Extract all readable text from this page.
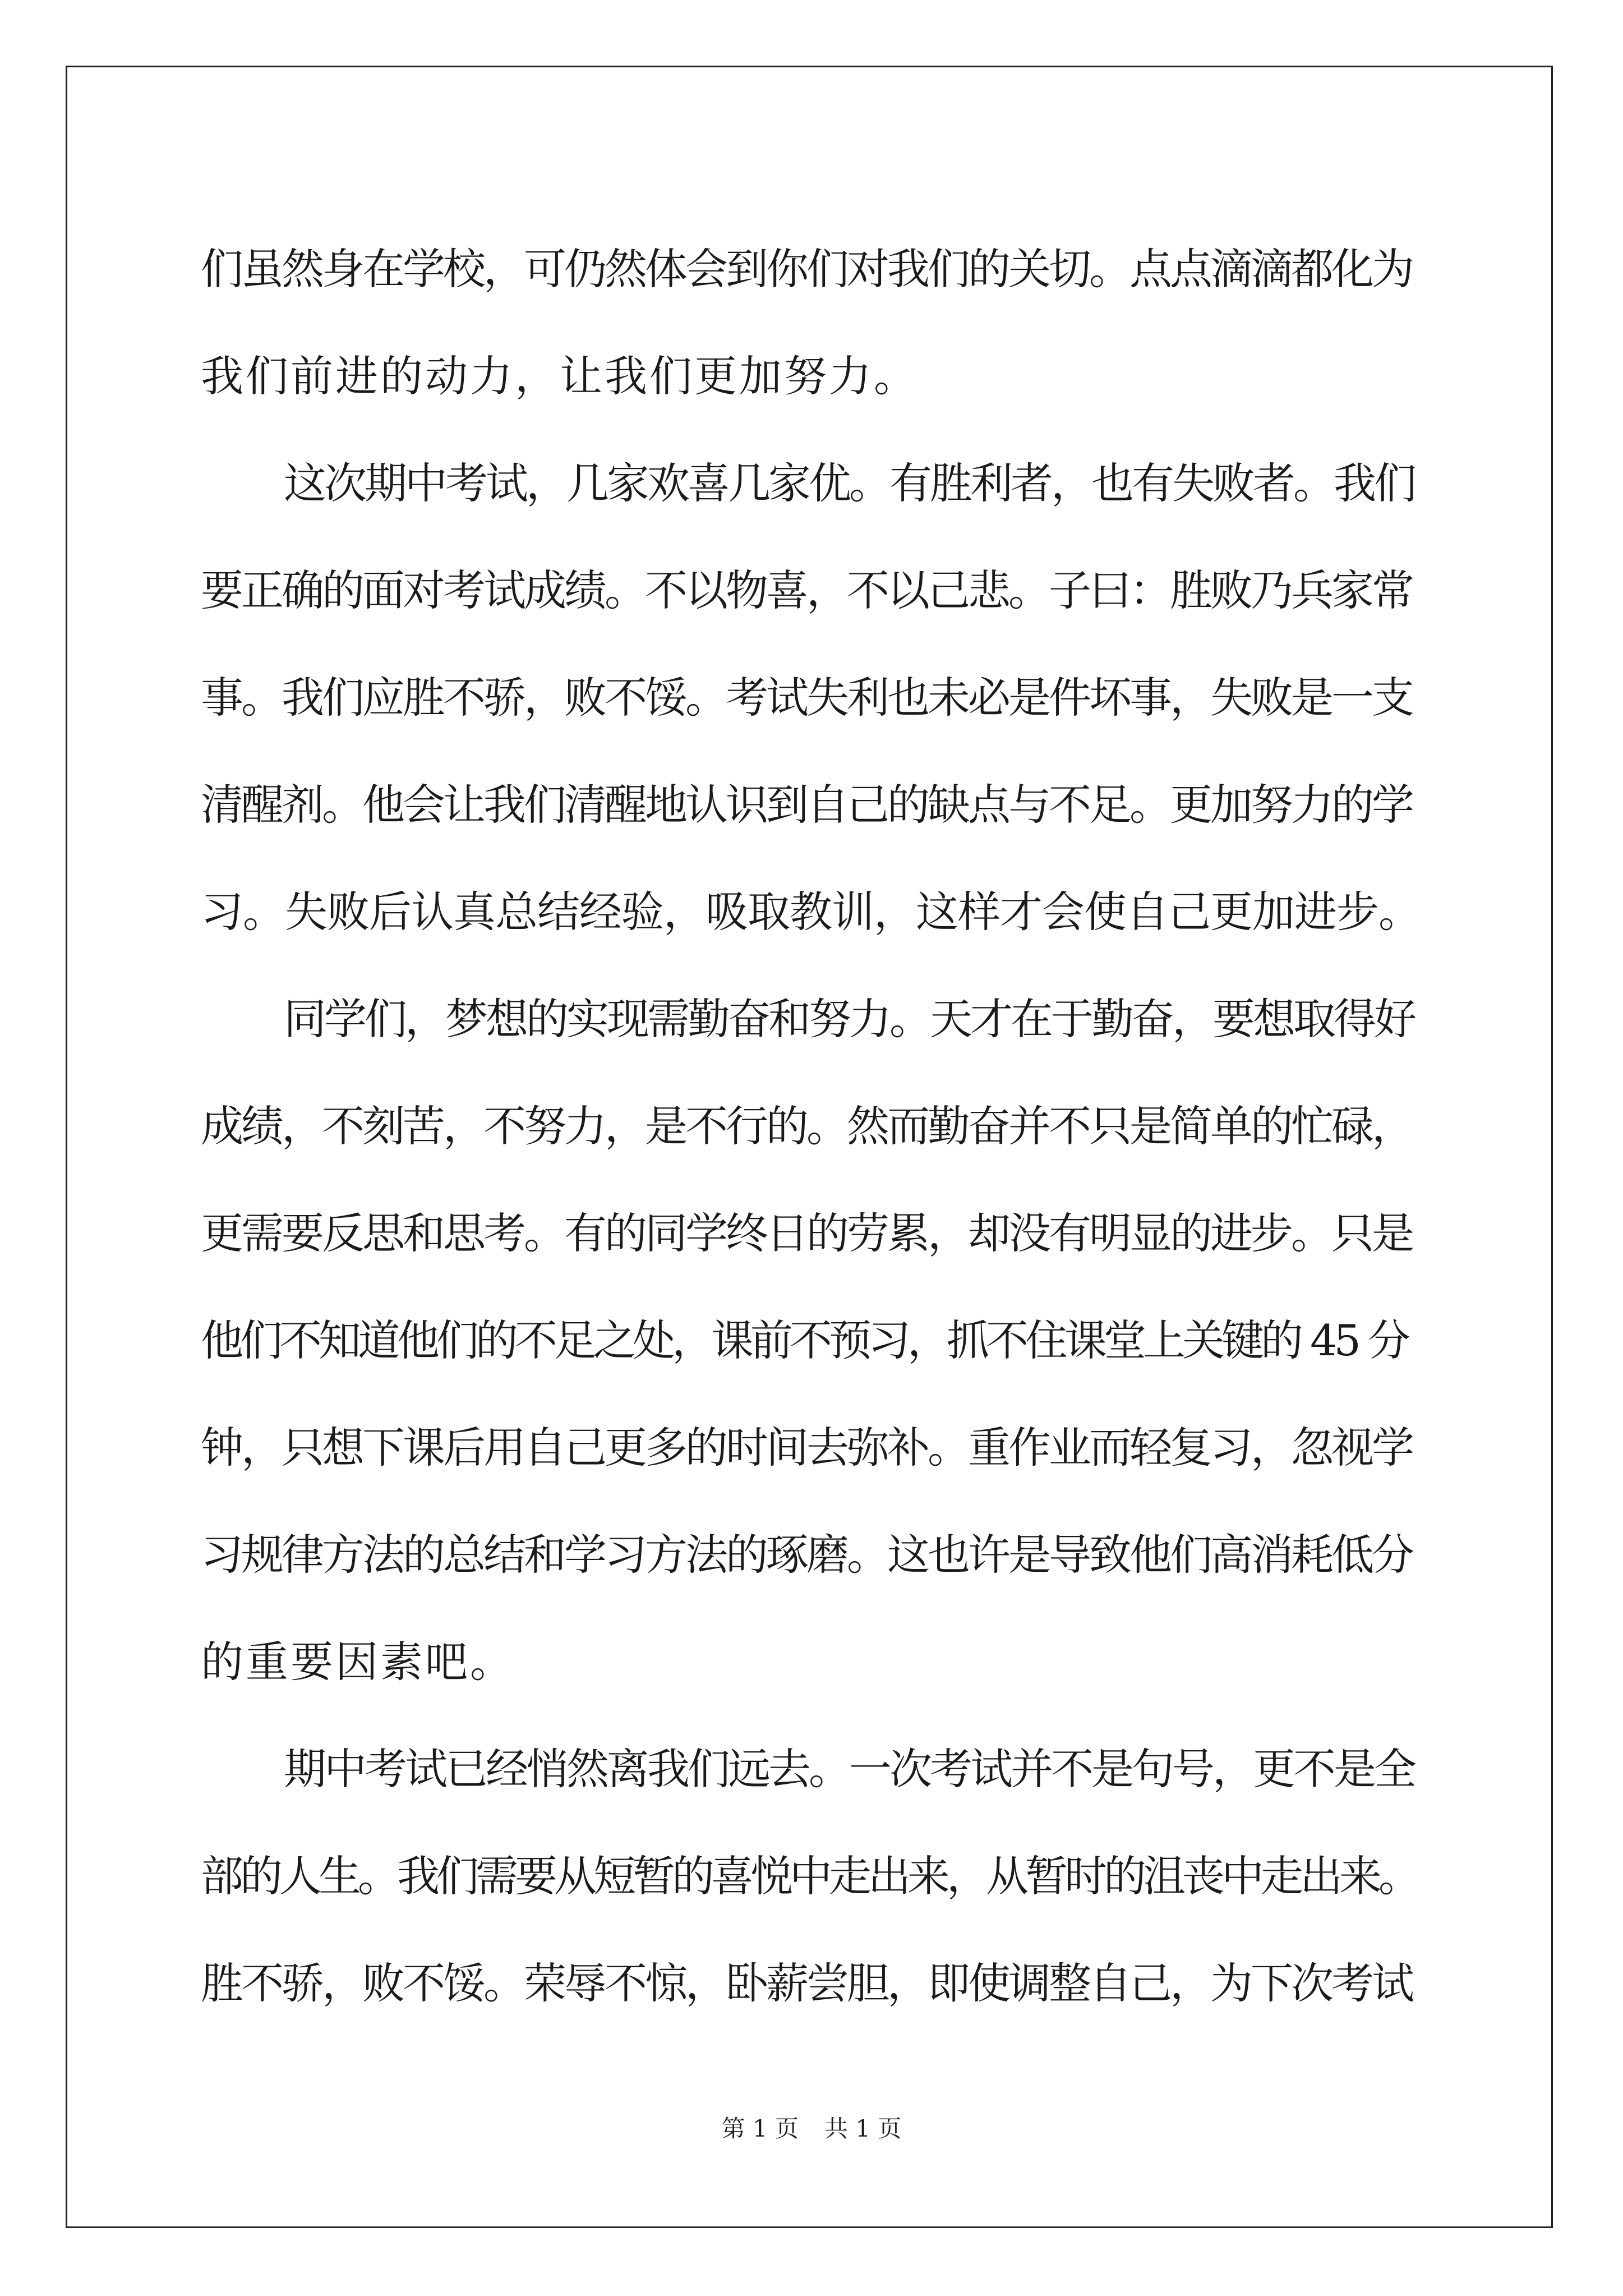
们虽然身在学校，可仍然体会到你们对我们的关切。点点滴滴都化为
我们前进的动力，让我们更加努力。
这次期中考试，几家欢喜几家优。有胜利者，也有失败者。我们
要正确的面对考试成绩。不以物喜，不以己悲。子曰：胜败乃兵家常
事。我们应胜不骄，败不馁。考试失利也未必是件坏事，失败是一支
清醒剂。他会让我们清醒地认识到自己的缺点与不足。更加努力的学
习。失败后认真总结经验，吸取教训，这样才会使自己更加进步。
同学们，梦想的实现需勤奋和努力。天才在于勤奋，要想取得好
成绩，不刻苦，不努力，是不行的。然而勤奋并不只是简单的忙碌，
更需要反思和思考。有的同学终日的劳累，却没有明显的进步。只是
他们不知道他们的不足之处，课前不预习，抓不住课堂上关键的 45 分
钟，只想下课后用自己更多的时间去弥补。重作业而轻复习，忽视学
习规律方法的总结和学习方法的琢磨。这也许是导致他们高消耗低分
的重要因素吧。
期中考试已经悄然离我们远去。一次考试并不是句号，更不是全
部的人生。我们需要从短暂的喜悦中走出来，从暂时的沮丧中走出来。
胜不骄，败不馁。荣辱不惊，卧薪尝胆，即使调整自己，为下次考试
第 1 页 共 1 页
